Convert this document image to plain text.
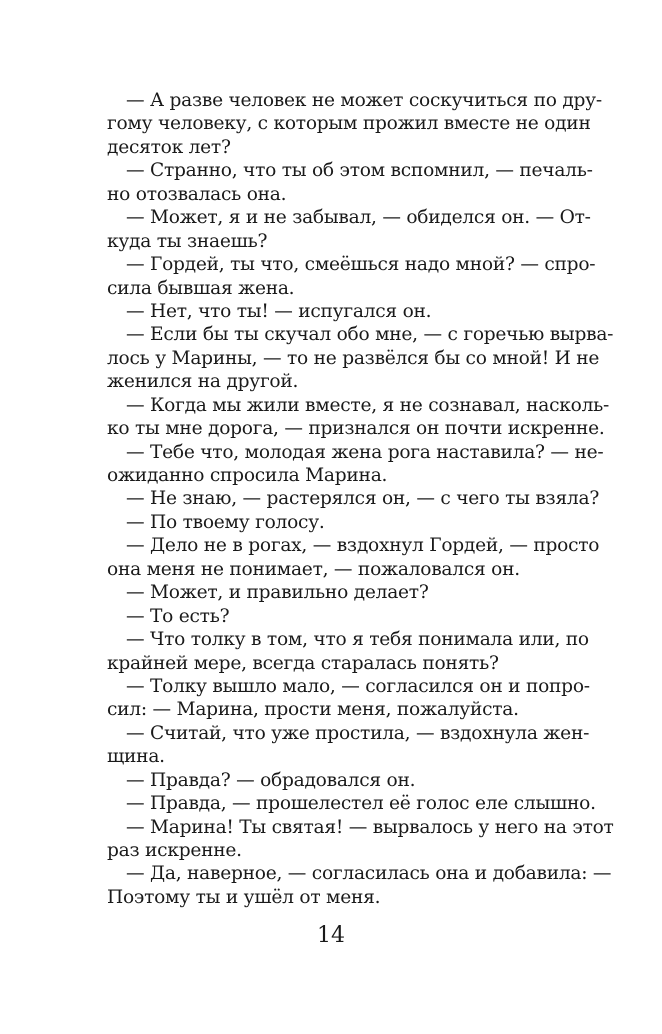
— А разве человек не может соскучиться по дру-
гому человеку, с которым прожил вместе не один
десяток лет?
— Странно, что ты об этом вспомнил, — печаль-
но отозвалась она.
— Может, я и не забывал, — обиделся он. — От-
куда ты знаешь?
— Гордей, ты что, смеёшься надо мной? — спро-
сила бывшая жена.
— Нет, что ты! — испугался он.
— Если бы ты скучал обо мне, — с горечью вырва-
лось у Марины, — то не развёлся бы со мной! И не
женился на другой.
— Когда мы жили вместе, я не сознавал, насколь-
ко ты мне дорога, — признался он почти искренне.
— Тебе что, молодая жена рога наставила? — не-
ожиданно спросила Марина.
— Не знаю, — растерялся он, — с чего ты взяла?
— По твоему голосу.
— Дело не в рогах, — вздохнул Гордей, — просто
она меня не понимает, — пожаловался он.
— Может, и правильно делает?
— То есть?
— Что толку в том, что я тебя понимала или, по
крайней мере, всегда старалась понять?
— Толку вышло мало, — согласился он и попро-
сил: — Марина, прости меня, пожалуйста.
— Считай, что уже простила, — вздохнула жен-
щина.
— Правда? — обрадовался он.
— Правда, — прошелестел её голос еле слышно.
— Марина! Ты святая! — вырвалось у него на этот
раз искренне.
— Да, наверное, — согласилась она и добавила: —
Поэтому ты и ушёл от меня.
14
